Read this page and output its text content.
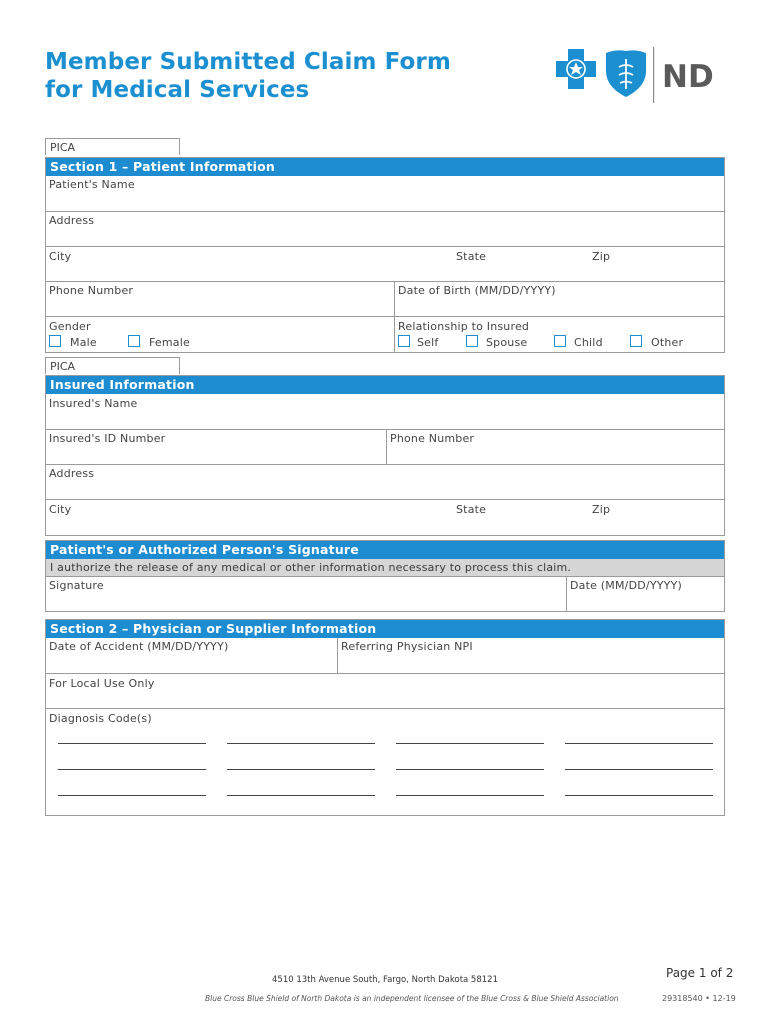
Member Submitted Claim Form
for Medical Services	ND
PICA
Section 1 – Patient Information
Patient's Name
Address
City	State	Zip
Phone Number	Date of Birth (MM/DD/YYYY)
Gender
Male	Female
Relationship to Insured
Self	Spouse	Child	Other
PICA
Insured Information
Insured's Name
Insured's ID Number	Phone Number
Address
City	State	Zip
Patient's or Authorized Person's Signature
I authorize the release of any medical or other information necessary to process this claim.
Signature	Date (MM/DD/YYYY)
Section 2 – Physician or Supplier Information
Date of Accident (MM/DD/YYYY)	Referring Physician NPI
For Local Use Only
Diagnosis Code(s)
4510 13th Avenue South, Fargo, North Dakota 58121
Blue Cross Blue Shield of North Dakota is an independent licensee of the Blue Cross & Blue Shield Association
Page 1 of 2
29318540 • 12-19
